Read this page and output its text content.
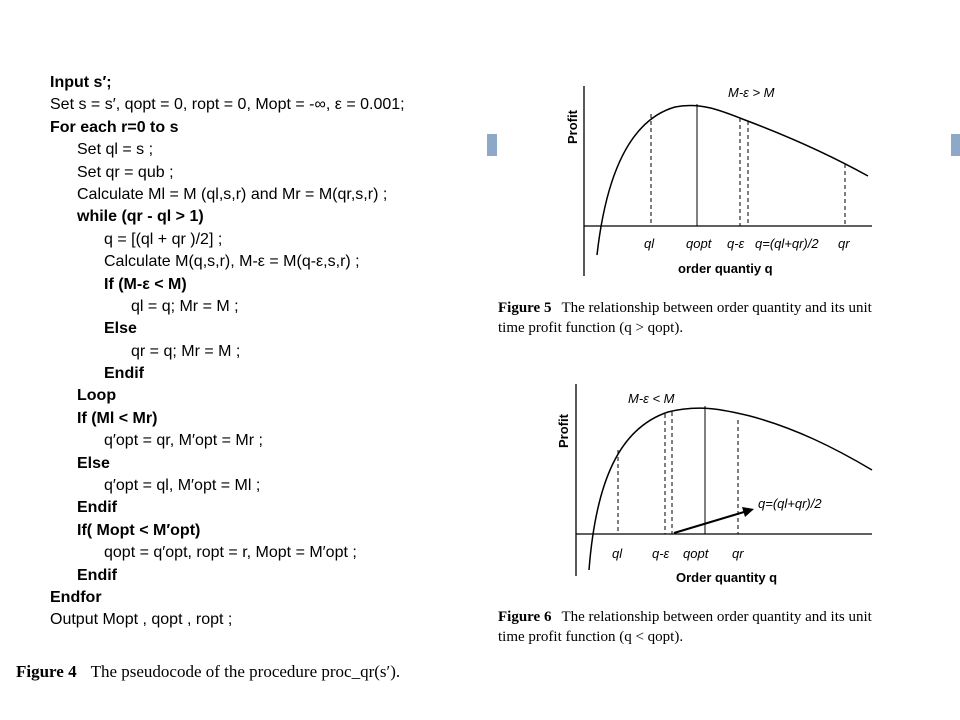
Input s′;
Set s = s′, qopt = 0, ropt = 0, Mopt = -∞, ε = 0.001;
For each r=0 to s
Set ql = s ;
Set qr = qub ;
Calculate Ml = M (ql,s,r) and Mr = M(qr,s,r) ;
while (qr - ql > 1)
q = [(ql + qr )/2] ;
Calculate M(q,s,r), M-ε = M(q-ε,s,r) ;
If (M-ε < M)
ql = q; Mr = M ;
Else
qr = q; Mr = M ;
Endif
Loop
If (Ml < Mr)
q′opt = qr, M′opt = Mr ;
Else
q′opt = ql, M′opt = Ml ;
Endif
If( Mopt < M′opt)
qopt = q′opt, ropt = r, Mopt = M′opt ;
Endif
Endfor
Output Mopt , qopt , ropt ;
Figure 4 The pseudocode of the procedure proc_qr(s′).
Profit
M-ε > M
ql qopt q-ε q=(ql+qr)/2 qr
order quantiy q
Figure 5 The relationship between order quantity and its unit
time profit function (q > qopt).
Profit
M-ε < M
q=(ql+qr)/2
ql q-ε qopt qr
Order quantity q
Figure 6 The relationship between order quantity and its unit
time profit function (q < qopt).
